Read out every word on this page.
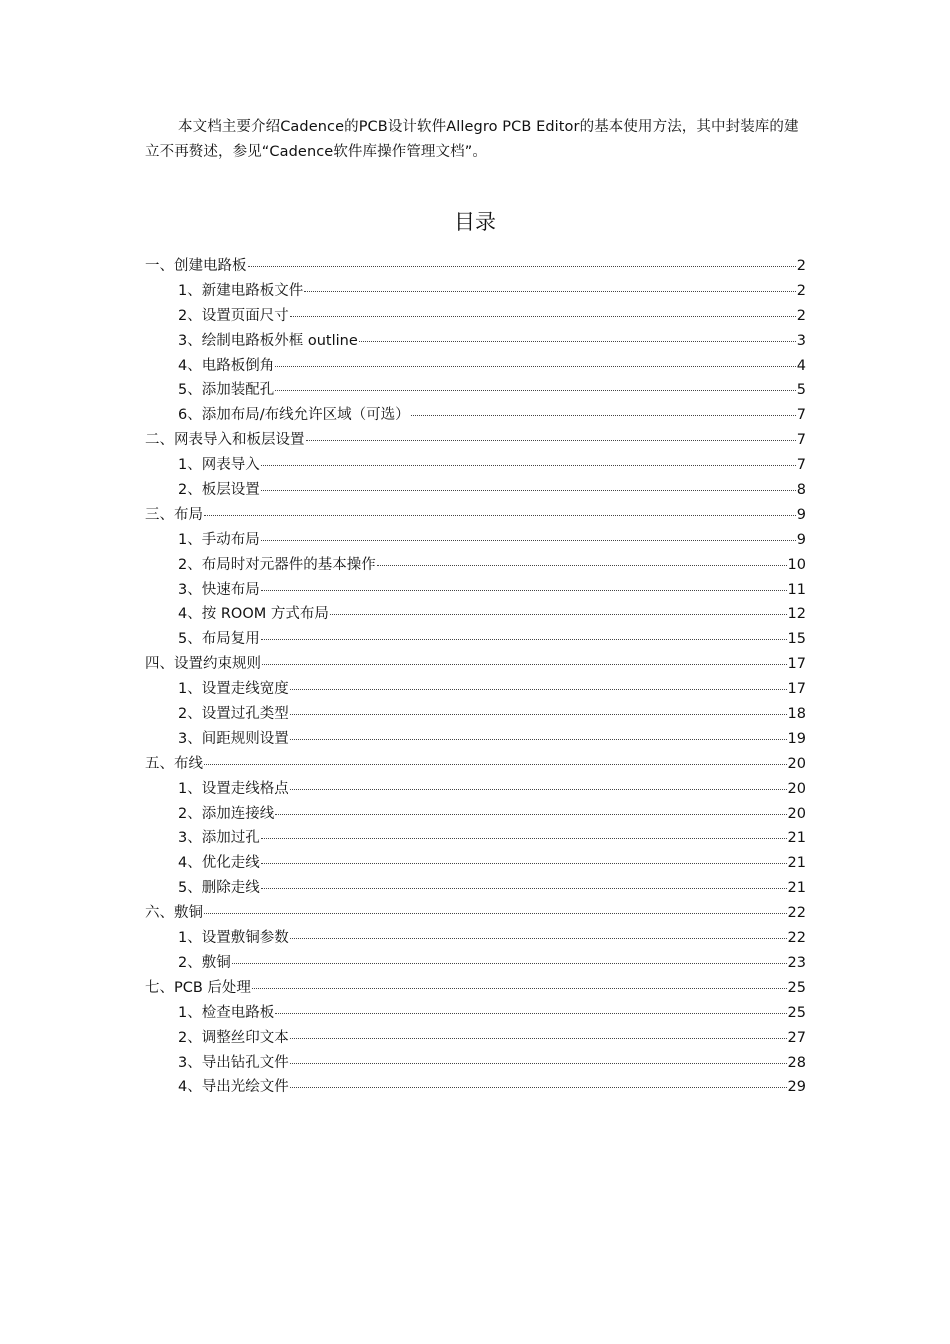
本文档主要介绍Cadence的PCB设计软件Allegro PCB Editor的基本使用方法，其中封装库的建立不再赘述，参见“Cadence软件库操作管理文档”。

目录
一、 创建电路板	2
1、 新建电路板文件	2
2、 设置页面尺寸	2
3、 绘制电路板外框 outline	3
4、 电路板倒角	4
5、 添加装配孔	5
6、 添加布局/布线允许区域（可选）	7
二、 网表导入和板层设置	7
1、 网表导入	7
2、 板层设置	8
三、 布局	9
1、 手动布局	9
2、 布局时对元器件的基本操作	10
3、 快速布局	11
4、 按 ROOM 方式布局	12
5、 布局复用	15
四、 设置约束规则	17
1、 设置走线宽度	17
2、 设置过孔类型	18
3、 间距规则设置	19
五、 布线	20
1、 设置走线格点	20
2、 添加连接线	20
3、 添加过孔	21
4、 优化走线	21
5、 删除走线	21
六、 敷铜	22
1、 设置敷铜参数	22
2、 敷铜	23
七、 PCB 后处理	25
1、 检查电路板	25
2、 调整丝印文本	27
3、 导出钻孔文件	28
4、 导出光绘文件	29
